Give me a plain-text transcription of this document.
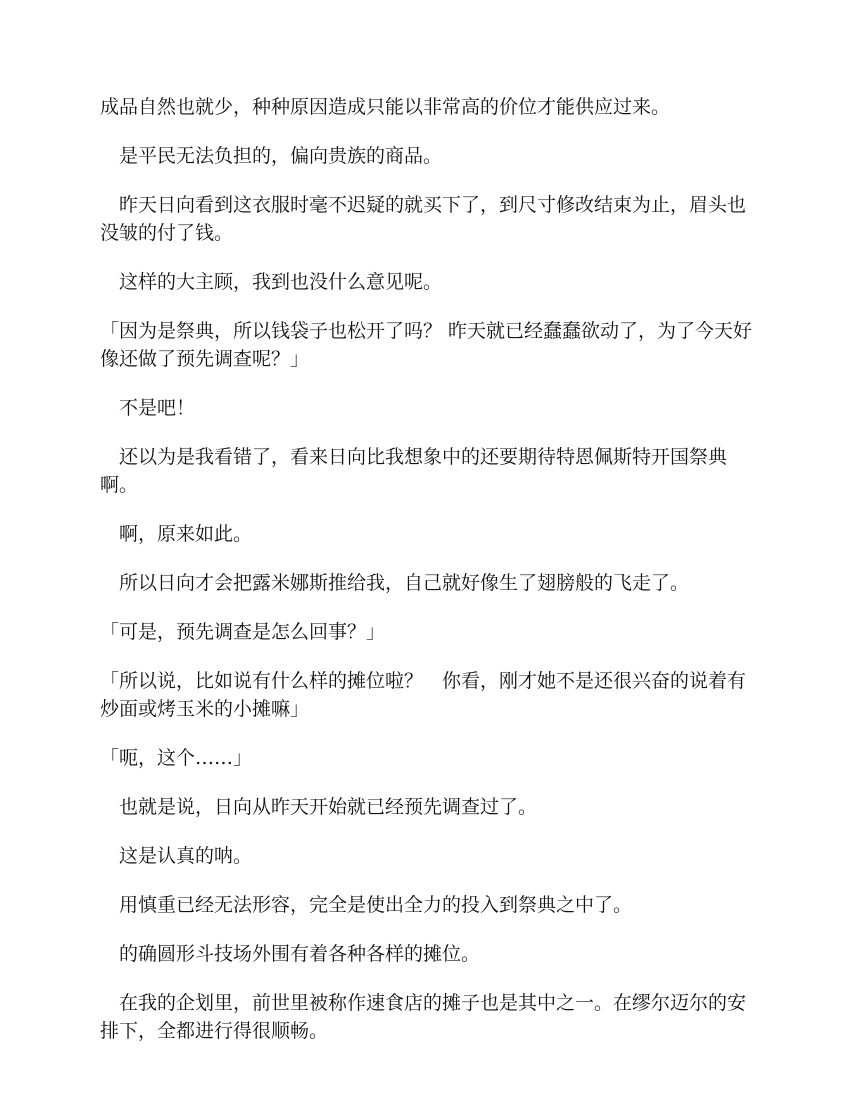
成品自然也就少，种种原因造成只能以非常高的价位才能供应过来。

　是平民无法负担的，偏向贵族的商品。

　昨天日向看到这衣服时毫不迟疑的就买下了，到尺寸修改结束为止，眉头也没皱的付了钱。

　这样的大主顾，我到也没什么意见呢。

「因为是祭典，所以钱袋子也松开了吗？ 昨天就已经蠢蠢欲动了，为了今天好像还做了预先调查呢？」

　不是吧！

　还以为是我看错了，看来日向比我想象中的还要期待特恩佩斯特开国祭典啊。

　啊，原来如此。

　所以日向才会把露米娜斯推给我，自己就好像生了翅膀般的飞走了。

「可是，预先调查是怎么回事？」

「所以说，比如说有什么样的摊位啦？　你看，刚才她不是还很兴奋的说着有炒面或烤玉米的小摊嘛」

「呃，这个……」

　也就是说，日向从昨天开始就已经预先调查过了。

　这是认真的呐。

　用慎重已经无法形容，完全是使出全力的投入到祭典之中了。

　的确圆形斗技场外围有着各种各样的摊位。

　在我的企划里，前世里被称作速食店的摊子也是其中之一。在缪尔迈尔的安排下，全都进行得很顺畅。
